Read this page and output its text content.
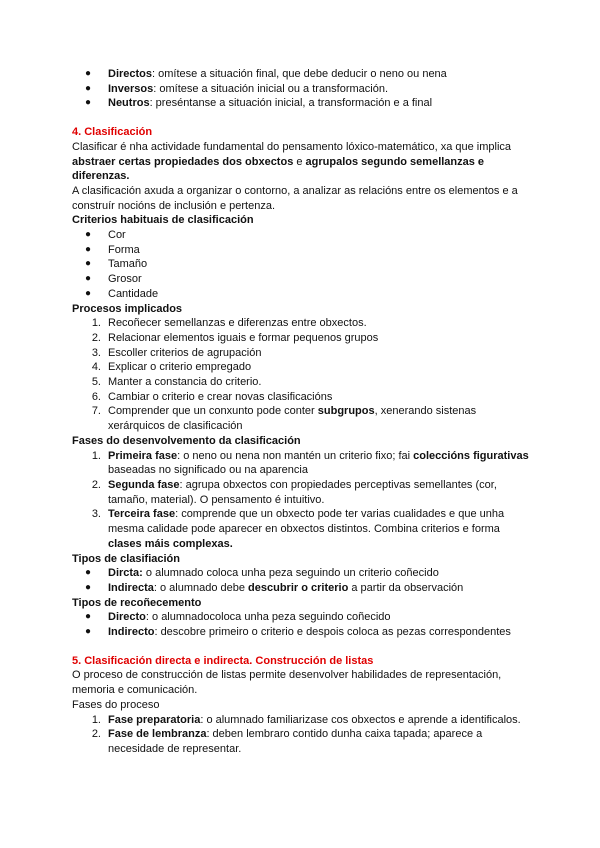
● Directos: omítese a situación final, que debe deducir o neno ou nena
● Inversos: omítese a situación inicial ou a transformación.
● Neutros: preséntanse a situación inicial, a transformación e a final

4. Clasificación

Clasificar é nha actividade fundamental do pensamento lóxico-matemático, xa que implica abstraer certas propiedades dos obxectos e agrupalos segundo semellanzas e diferenzas.

A clasificación axuda a organizar o contorno, a analizar as relacións entre os elementos e a construír nocións de inclusión e pertenza.

Criterios habituais de clasificación

● Cor
● Forma
● Tamaño
● Grosor
● Cantidade

Procesos implicados

1. Recoñecer semellanzas e diferenzas entre obxectos.
2. Relacionar elementos iguais e formar pequenos grupos
3. Escoller criterios de agrupación
4. Explicar o criterio empregado
5. Manter a constancia do criterio.
6. Cambiar o criterio e crear novas clasificacións
7. Comprender que un conxunto pode conter subgrupos, xenerando sistenas xerárquicos de clasificación

Fases do desenvolvemento da clasificación

1. Primeira fase: o neno ou nena non mantén un criterio fixo; fai coleccións figurativas baseadas no significado ou na aparencia
2. Segunda fase: agrupa obxectos con propiedades perceptivas semellantes (cor, tamaño, material). O pensamento é intuitivo.
3. Terceira fase: comprende que un obxecto pode ter varias cualidades e que unha mesma calidade pode aparecer en obxectos distintos. Combina criterios e forma clases máis complexas.

Tipos de clasifiación

● Dircta: o alumnado coloca unha peza seguindo un criterio coñecido
● Indirecta: o alumnado debe descubrir o criterio a partir da observación

Tipos de recoñecemento

● Directo: o alumnadocoloca unha peza seguindo coñecido
● Indirecto: descobre primeiro o criterio e despois coloca as pezas correspondentes

5. Clasificación directa e indirecta. Construcción de listas

O proceso de construcción de listas permite desenvolver habilidades de representación, memoria e comunicación.

Fases do proceso

1. Fase preparatoria: o alumnado familiarizase cos obxectos e aprende a identificalos.
2. Fase de lembranza: deben lembraro contido dunha caixa tapada; aparece a necesidade de representar.
